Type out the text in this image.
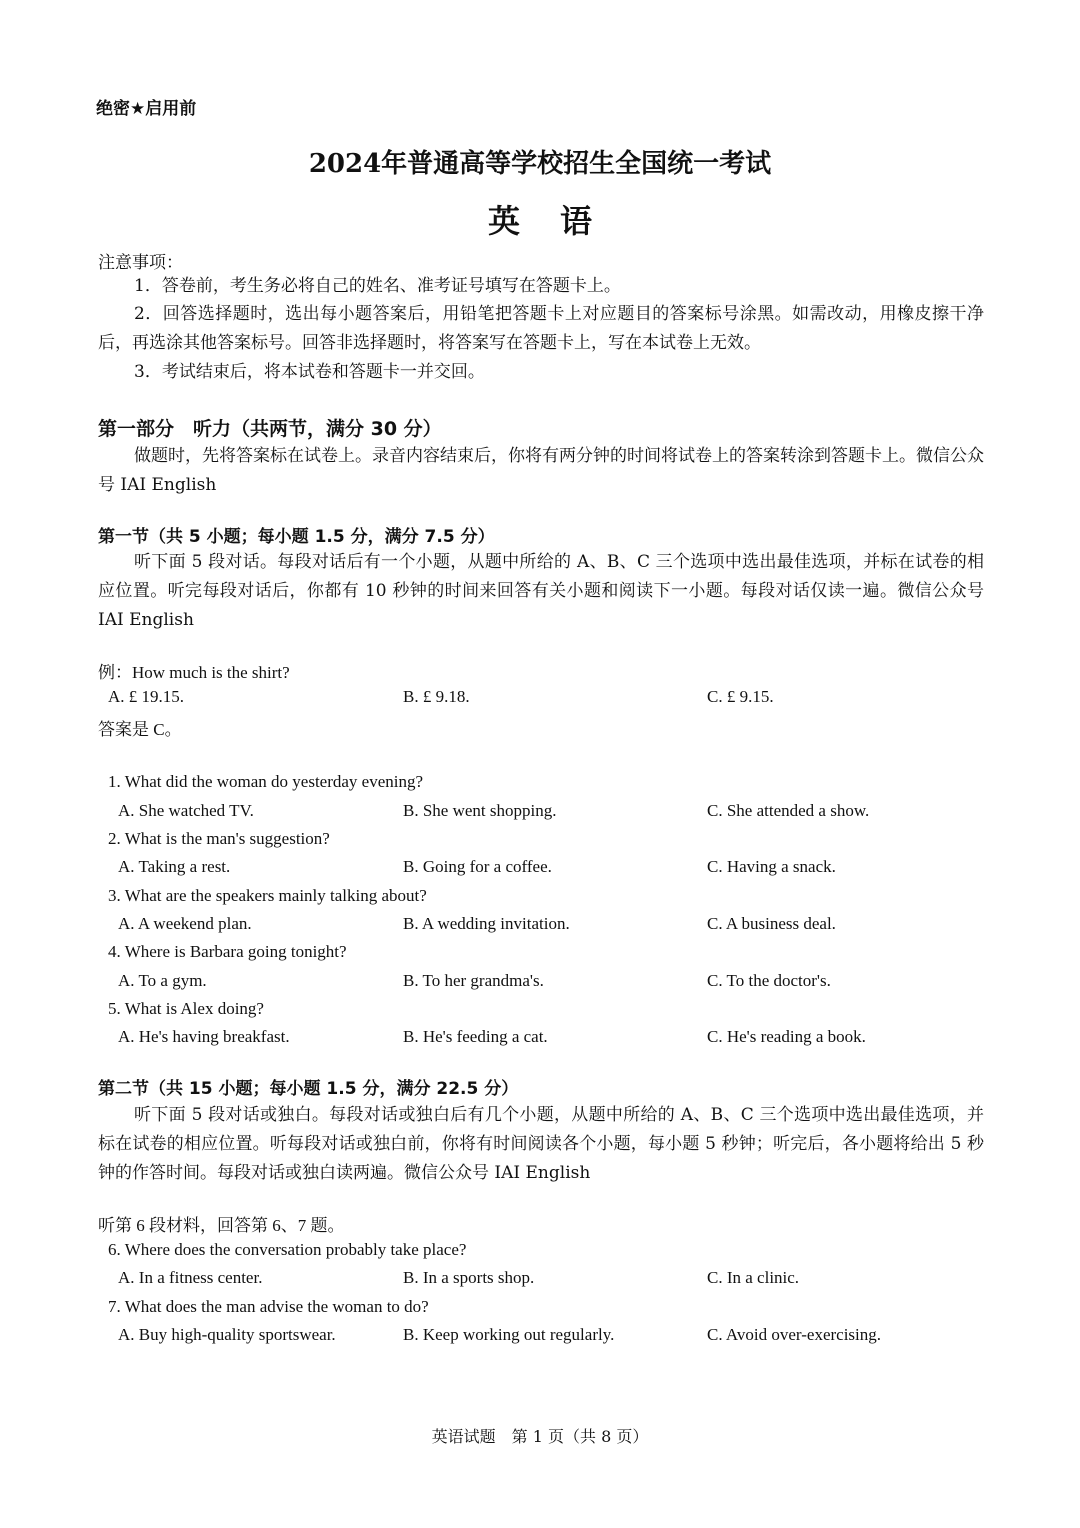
绝密★启用前
2024年普通高等学校招生全国统一考试
英语
注意事项：
1．答卷前，考生务必将自己的姓名、准考证号填写在答题卡上。
2．回答选择题时，选出每小题答案后，用铅笔把答题卡上对应题目的答案标号涂黑。如需改动，用橡皮擦干净后，再选涂其他答案标号。回答非选择题时，将答案写在答题卡上，写在本试卷上无效。
3．考试结束后，将本试卷和答题卡一并交回。
第一部分　听力（共两节，满分 30 分）
做题时，先将答案标在试卷上。录音内容结束后，你将有两分钟的时间将试卷上的答案转涂到答题卡上。微信公众号 IAI English
第一节（共 5 小题；每小题 1.5 分，满分 7.5 分）
听下面 5 段对话。每段对话后有一个小题，从题中所给的 A、B、C 三个选项中选出最佳选项，并标在试卷的相应位置。听完每段对话后，你都有 10 秒钟的时间来回答有关小题和阅读下一小题。每段对话仅读一遍。微信公众号 IAI English
例：How much is the shirt?
A. £ 19.15.	B. £ 9.18.	C. £ 9.15.
答案是 C。
1. What did the woman do yesterday evening?
A. She watched TV.	B. She went shopping.	C. She attended a show.
2. What is the man's suggestion?
A. Taking a rest.	B. Going for a coffee.	C. Having a snack.
3. What are the speakers mainly talking about?
A. A weekend plan.	B. A wedding invitation.	C. A business deal.
4. Where is Barbara going tonight?
A. To a gym.	B. To her grandma's.	C. To the doctor's.
5. What is Alex doing?
A. He's having breakfast.	B. He's feeding a cat.	C. He's reading a book.
第二节（共 15 小题；每小题 1.5 分，满分 22.5 分）
听下面 5 段对话或独白。每段对话或独白后有几个小题，从题中所给的 A、B、C 三个选项中选出最佳选项，并标在试卷的相应位置。听每段对话或独白前，你将有时间阅读各个小题，每小题 5 秒钟；听完后，各小题将给出 5 秒钟的作答时间。每段对话或独白读两遍。微信公众号 IAI English
听第 6 段材料，回答第 6、7 题。
6. Where does the conversation probably take place?
A. In a fitness center.	B. In a sports shop.	C. In a clinic.
7. What does the man advise the woman to do?
A. Buy high-quality sportswear.	B. Keep working out regularly.	C. Avoid over-exercising.
英语试题　第 1 页（共 8 页）
